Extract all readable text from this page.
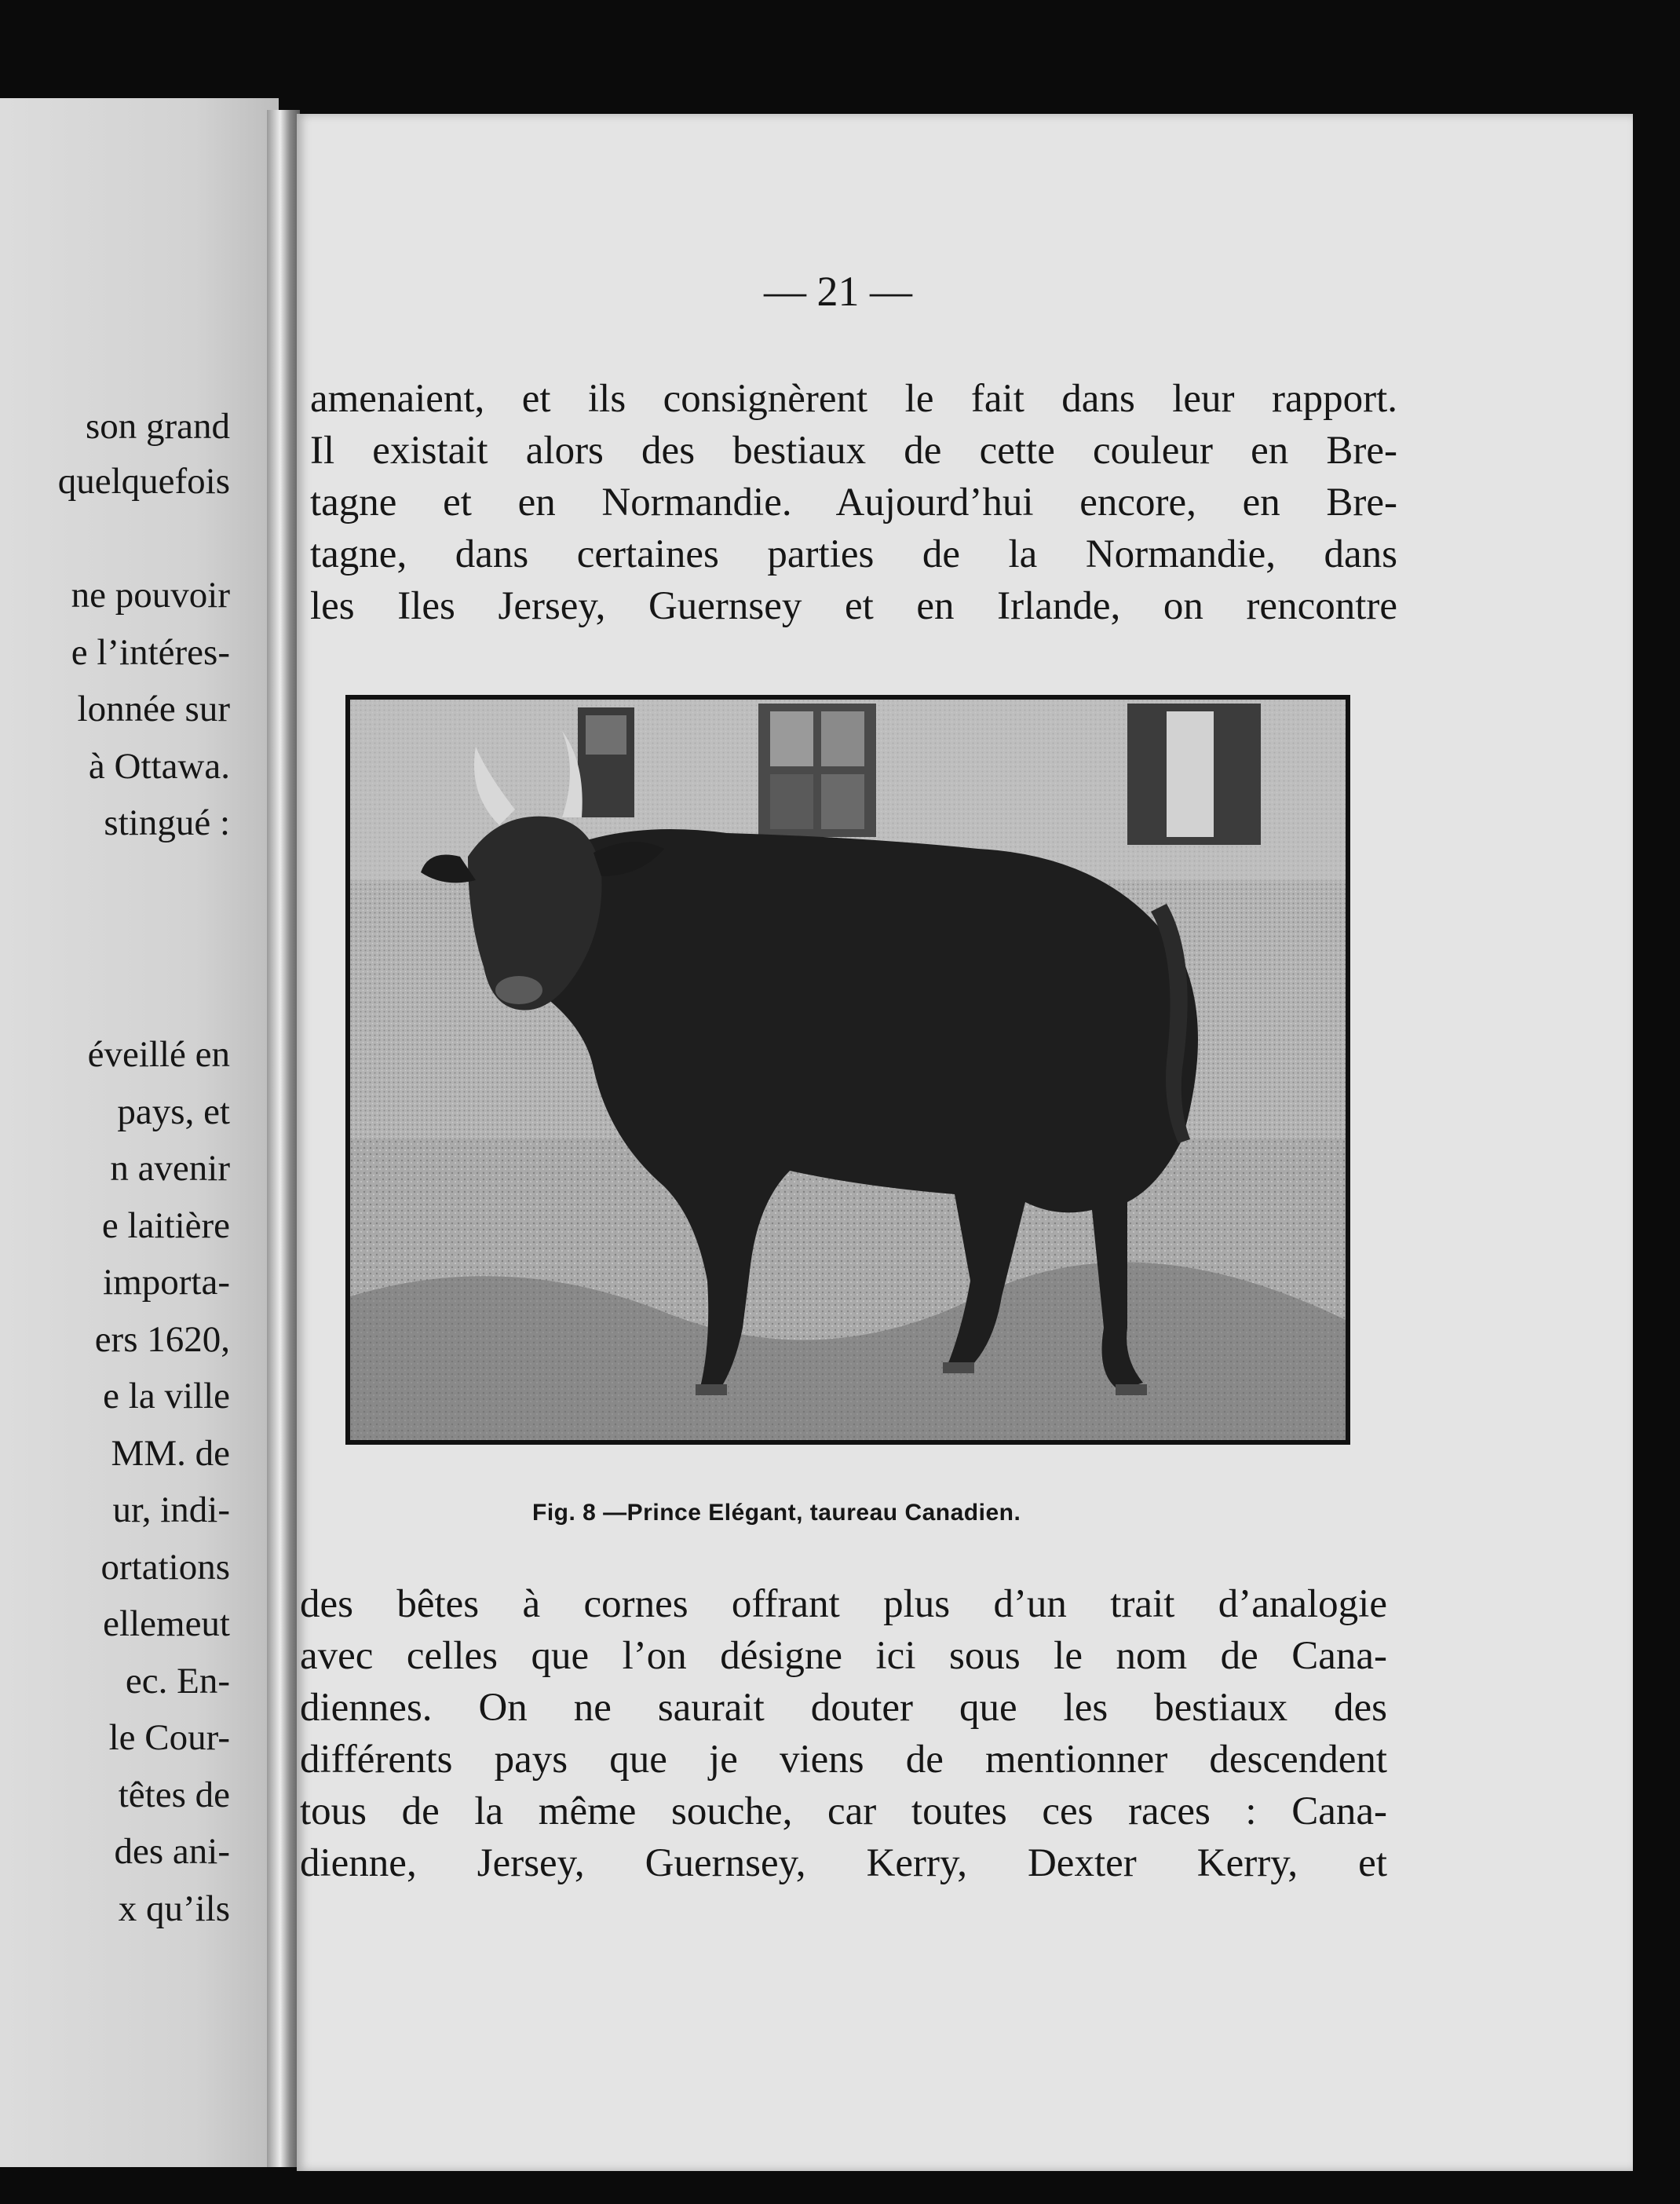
son grand
quelquefois
ne pouvoir
e l’intéres-
lonnée sur
à Ottawa.
stingué :
éveillé en
pays, et
n avenir
e laitière
importa-
ers 1620,
e la ville
MM. de
ur, indi-
ortations
ellemeut
ec. En-
le Cour-
têtes de
des ani-
x qu’ils
— 21 —
amenaient, et ils consignèrent le fait dans leur rapport.
Il existait alors des bestiaux de cette couleur en Bre-
tagne et en Normandie. Aujourd’hui encore, en Bre-
tagne, dans certaines parties de la Normandie, dans
les Iles Jersey, Guernsey et en Irlande, on rencontre
Fig. 8 —Prince Elégant, taureau Canadien.
des bêtes à cornes offrant plus d’un trait d’analogie
avec celles que l’on désigne ici sous le nom de Cana-
diennes. On ne saurait douter que les bestiaux des
différents pays que je viens de mentionner descendent
tous de la même souche, car toutes ces races : Cana-
dienne, Jersey, Guernsey, Kerry, Dexter Kerry, et
